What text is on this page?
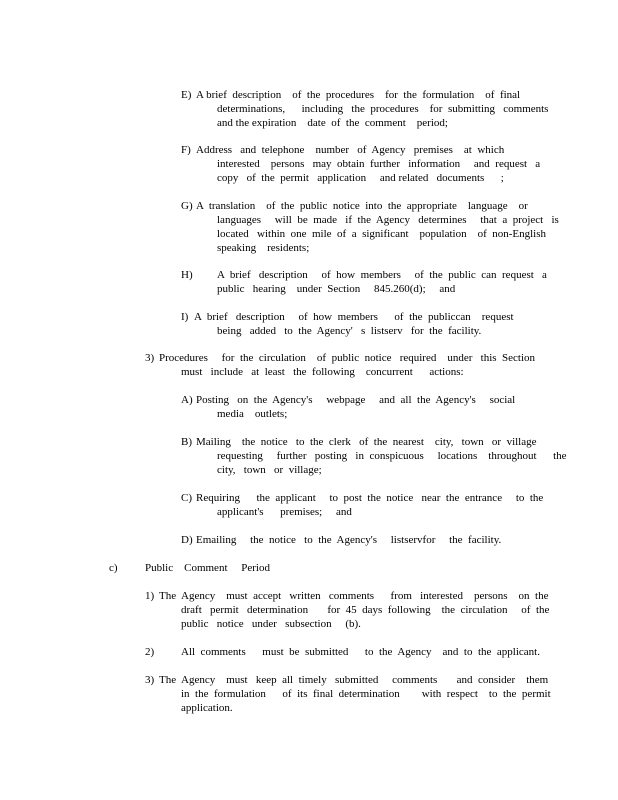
E) A brief  description    of  the  procedures    for  the  formulation    of  final
determinations,      including   the  procedures    for  submitting   comments
and the expiration    date  of  the  comment    period;
F) Address   and  telephone    number   of  Agency   premises    at  which
interested    persons   may  obtain  further   information     and  request   a
copy   of  the  permit   application     and related   documents      ;
G) A  translation    of  the  public  notice  into  the  appropriate    language    or
languages     will  be  made   if  the  Agency   determines     that  a  project   is
located   within  one  mile  of  a  significant    population    of  non-English
speaking    residents;
H) A  brief   description     of  how  members     of  the  public  can  request   a
public   hearing    under  Section     845.260(d);     and
I) A  brief   description     of  how  members      of  the  publiccan    request
being   added   to  the  Agency'   s  listserv   for  the  facility.
3) Procedures     for  the  circulation    of  public  notice   required    under   this  Section
must   include   at  least   the  following    concurrent      actions:
A) Posting   on  the  Agency's     webpage     and  all  the  Agency's     social
media    outlets;
B) Mailing    the  notice   to  the  clerk   of  the  nearest    city,   town   or  village
requesting     further   posting   in  conspicuous     locations    throughout      the
city,   town   or  village;
C) Requiring      the  applicant     to  post  the  notice   near  the  entrance     to  the
applicant's      premises;     and
D) Emailing     the  notice   to  the  Agency's     listservfor     the  facility.
c) Public    Comment     Period
1) The  Agency    must  accept   written   comments      from   interested    persons    on  the
draft   permit   determination       for  45  days  following    the  circulation     of  the
public   notice   under   subsection     (b).
2) All  comments      must  be  submitted      to  the  Agency    and  to  the  applicant.
3) The  Agency    must   keep  all  timely   submitted     comments       and  consider    them
in  the  formulation      of  its  final  determination        with  respect    to  the  permit
application.
